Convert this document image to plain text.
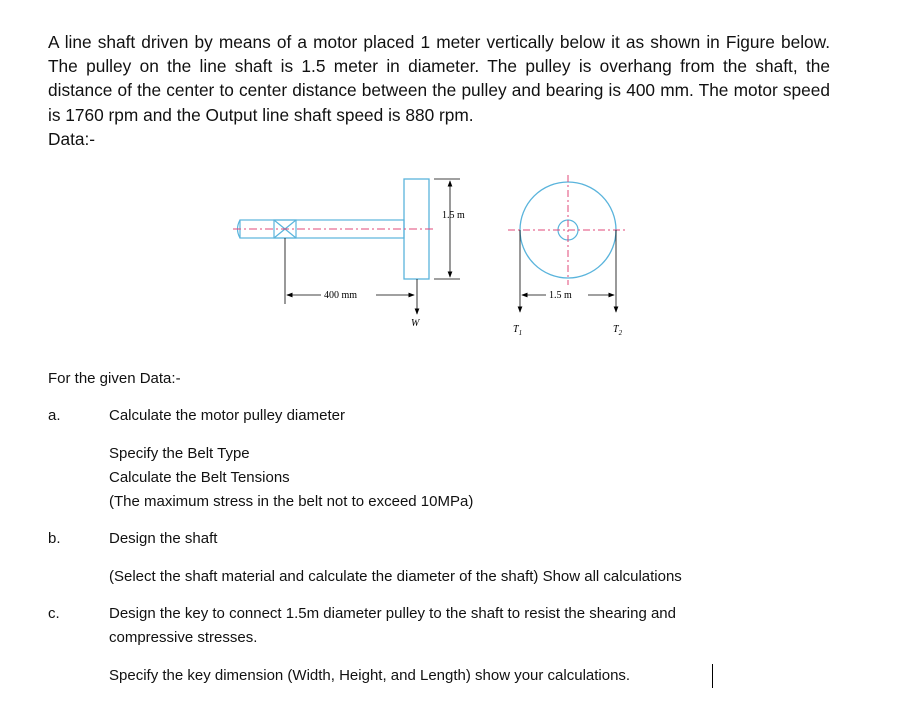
A line shaft driven by means of a motor placed 1 meter vertically below it as shown in Figure below. The pulley on the line shaft is 1.5 meter in diameter. The pulley is overhang from the shaft, the distance of the center to center distance between the pulley and bearing is 400 mm. The motor speed is 1760 rpm and the Output line shaft speed is 880 rpm.

Data:-

1.5 m
400 mm
W
1.5 m
$T_1$	$T_2$

For the given Data:-

a.	Calculate the motor pulley diameter
Specify the Belt Type
Calculate the Belt Tensions
(The maximum stress in the belt not to exceed 10MPa)
b.	Design the shaft
(Select the shaft material and calculate the diameter of the shaft) Show all calculations
c.	Design the key to connect 1.5m diameter pulley to the shaft to resist the shearing and
compressive stresses.
Specify the key dimension (Width, Height, and Length) show your calculations.
